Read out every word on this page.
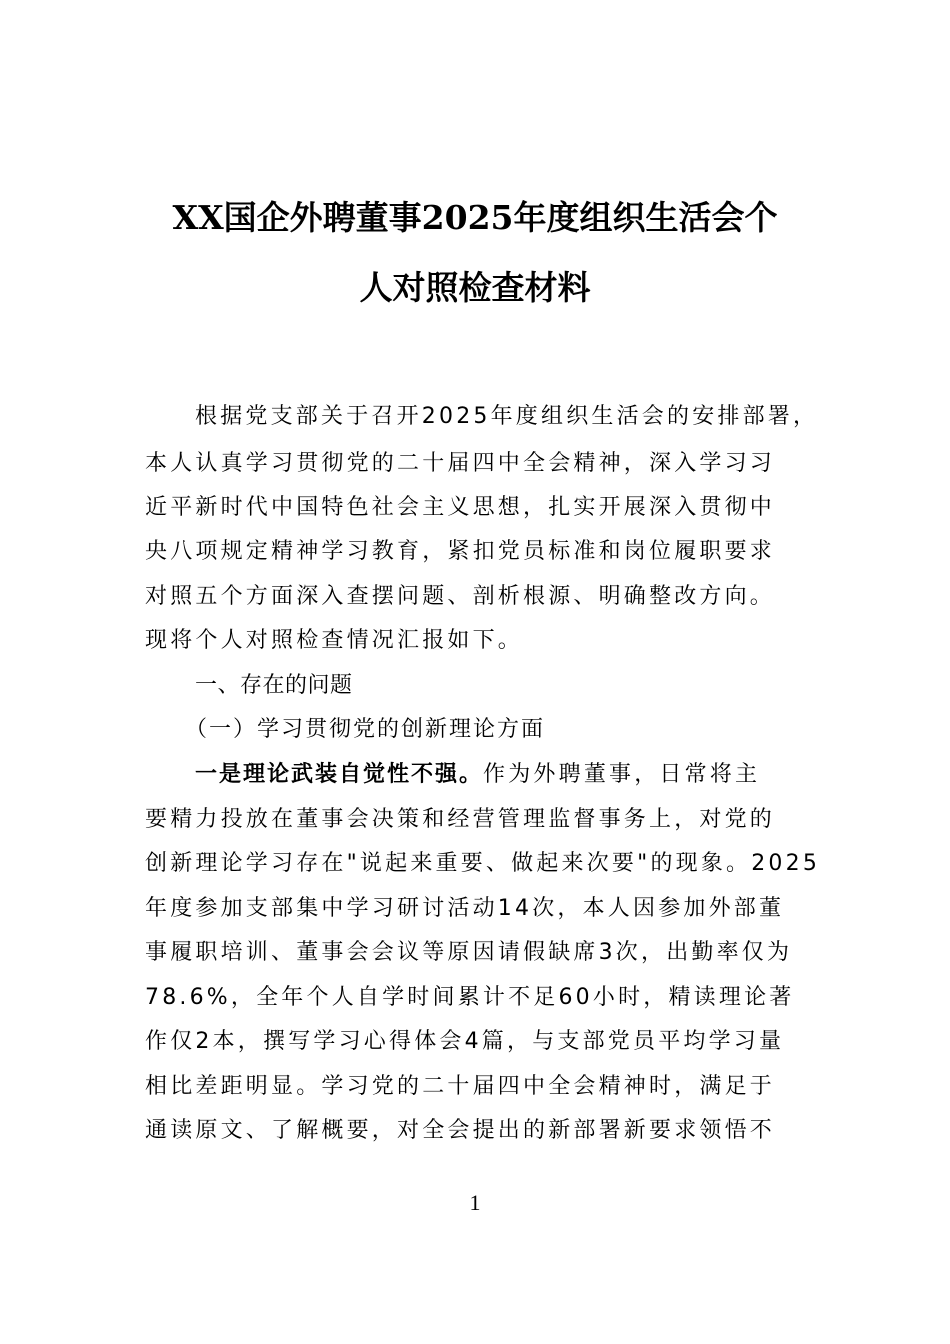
XX国企外聘董事2025年度组织生活会个
人对照检查材料
根据党支部关于召开2025年度组织生活会的安排部署，
本人认真学习贯彻党的二十届四中全会精神，深入学习习
近平新时代中国特色社会主义思想，扎实开展深入贯彻中
央八项规定精神学习教育，紧扣党员标准和岗位履职要求
对照五个方面深入查摆问题、剖析根源、明确整改方向。
现将个人对照检查情况汇报如下。
一、存在的问题
（一）学习贯彻党的创新理论方面
一是理论武装自觉性不强。作为外聘董事，日常将主
要精力投放在董事会决策和经营管理监督事务上，对党的
创新理论学习存在"说起来重要、做起来次要"的现象。2025
年度参加支部集中学习研讨活动14次，本人因参加外部董
事履职培训、董事会会议等原因请假缺席3次，出勤率仅为
78.6%，全年个人自学时间累计不足60小时，精读理论著
作仅2本，撰写学习心得体会4篇，与支部党员平均学习量
相比差距明显。学习党的二十届四中全会精神时，满足于
通读原文、了解概要，对全会提出的新部署新要求领悟不
1
